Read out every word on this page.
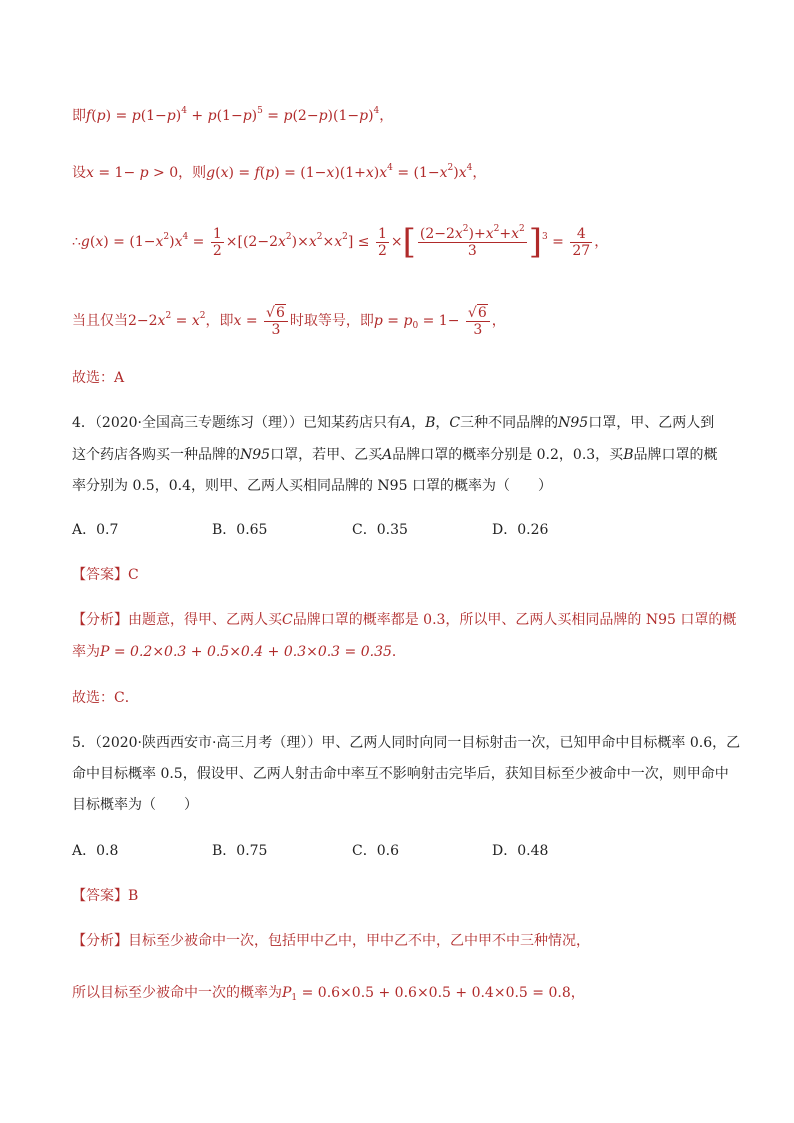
即$f(p) = p(1-p)^4 + p(1-p)^5 = p(2-p)(1-p)^4$，
设x = 1− p > 0，则$g(x) = f(p) = (1-x)(1+x)x^4 = (1-x^2)x^4$，
∴g(x) = $(1-x^2)x^4 = \frac{1}{2} \times[(2-2x^2)\times x^2\times x^2] \le \frac{1}{2}$ ×[ $\frac{(2-2x^2)+x^2+x^2}{3} ]^3 = \frac{4}{27}$ ，
当且仅当$2-2x^2 = x^2$，即$x = \frac{√6}{3}$ 时取等号，即$p = p_0 = 1- \frac{√6}{3}$ ，
故选：A
4．（2020·全国高三专题练习（理））已知某药店只有A，B，C三种不同品牌的N95口罩，甲、乙两人到
这个药店各购买一种品牌的N95口罩，若甲、乙买A品牌口罩的概率分别是 0.2，0.3，买B品牌口罩的概
率分别为 0.5，0.4，则甲、乙两人买相同品牌的 N95 口罩的概率为（　　）
A．0.7	B．0.65	C．0.35	D．0.26
【答案】C
【分析】由题意，得甲、乙两人买C品牌口罩的概率都是 0.3，所以甲、乙两人买相同品牌的 N95 口罩的概
率为P = 0.2×0.3 + 0.5×0.4 + 0.3×0.3 = 0.35．
故选：C．
5．（2020·陕西西安市·高三月考（理））甲、乙两人同时向同一目标射击一次，已知甲命中目标概率 0.6，乙
命中目标概率 0.5，假设甲、乙两人射击命中率互不影响射击完毕后，获知目标至少被命中一次，则甲命中
目标概率为（　　）
A．0.8	B．0.75	C．0.6	D．0.48
【答案】B
【分析】目标至少被命中一次，包括甲中乙中，甲中乙不中，乙中甲不中三种情况，
所以目标至少被命中一次的概率为$P_1 = 0.6\times 0.5 + 0.6\times 0.5 + 0.4\times 0.5 = 0.8$，
